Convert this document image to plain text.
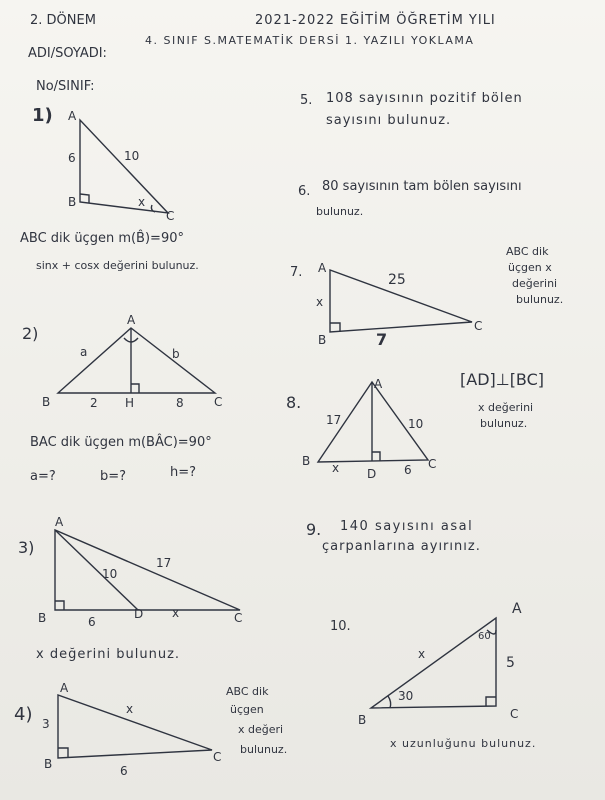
2. DÖNEM	2021-2022 EĞİTİM ÖĞRETİM YILI
4. SINIF S.MATEMATİK DERSİ 1. YAZILI YOKLAMA
ADI/SOYADI:
No/SINIF:
1) A
B
C
6	10
x
ABC dik üçgen m(B̂)=90°
sinx + cosx değerini bulunuz.
2)
A
B	C
H
a	b
2	8
BAC dik üçgen m(BÂC)=90°
a=?	b=?	h=?
3)
A
B	C
D
10
17
6
x
x değerini bulunuz.
4)
A
B	C
3
6
x
ABC dik
üçgen
x değeri
bulunuz.
5. 108 sayısının pozitif bölen
sayısını bulunuz.
6. 80 sayısının tam bölen sayısını
bulunuz.
7. A
B
C
x
25
7
ABC dik
üçgen x
değerini
bulunuz.
8.
A
B	C
D
17	10
x	6
[AD]⊥[BC]
x değerini
bulunuz.
9. 140 sayısını asal
çarpanlarına ayırınız.
10.
A
B	C
60
30
5
x
x uzunluğunu bulunuz.
